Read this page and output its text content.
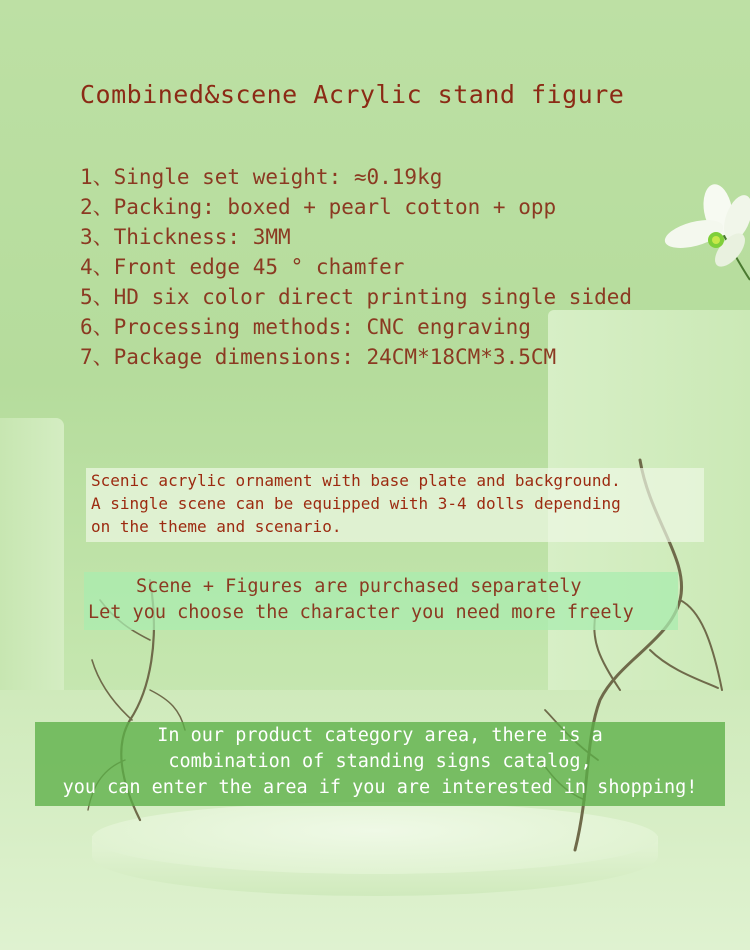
Combined&scene Acrylic stand figure
1、Single set weight: ≈0.19kg
2、Packing: boxed + pearl cotton + opp
3、Thickness: 3MM
4、Front edge 45 ° chamfer
5、HD six color direct printing single sided
6、Processing methods: CNC engraving
7、Package dimensions: 24CM*18CM*3.5CM

Scenic acrylic ornament with base plate and background.

A single scene can be equipped with 3-4 dolls depending

on the theme and scenario.

Scene + Figures are purchased separately

Let you choose the character you need more freely

In our product category area, there is a

combination of standing signs catalog,

you can enter the area if you are interested in shopping!
